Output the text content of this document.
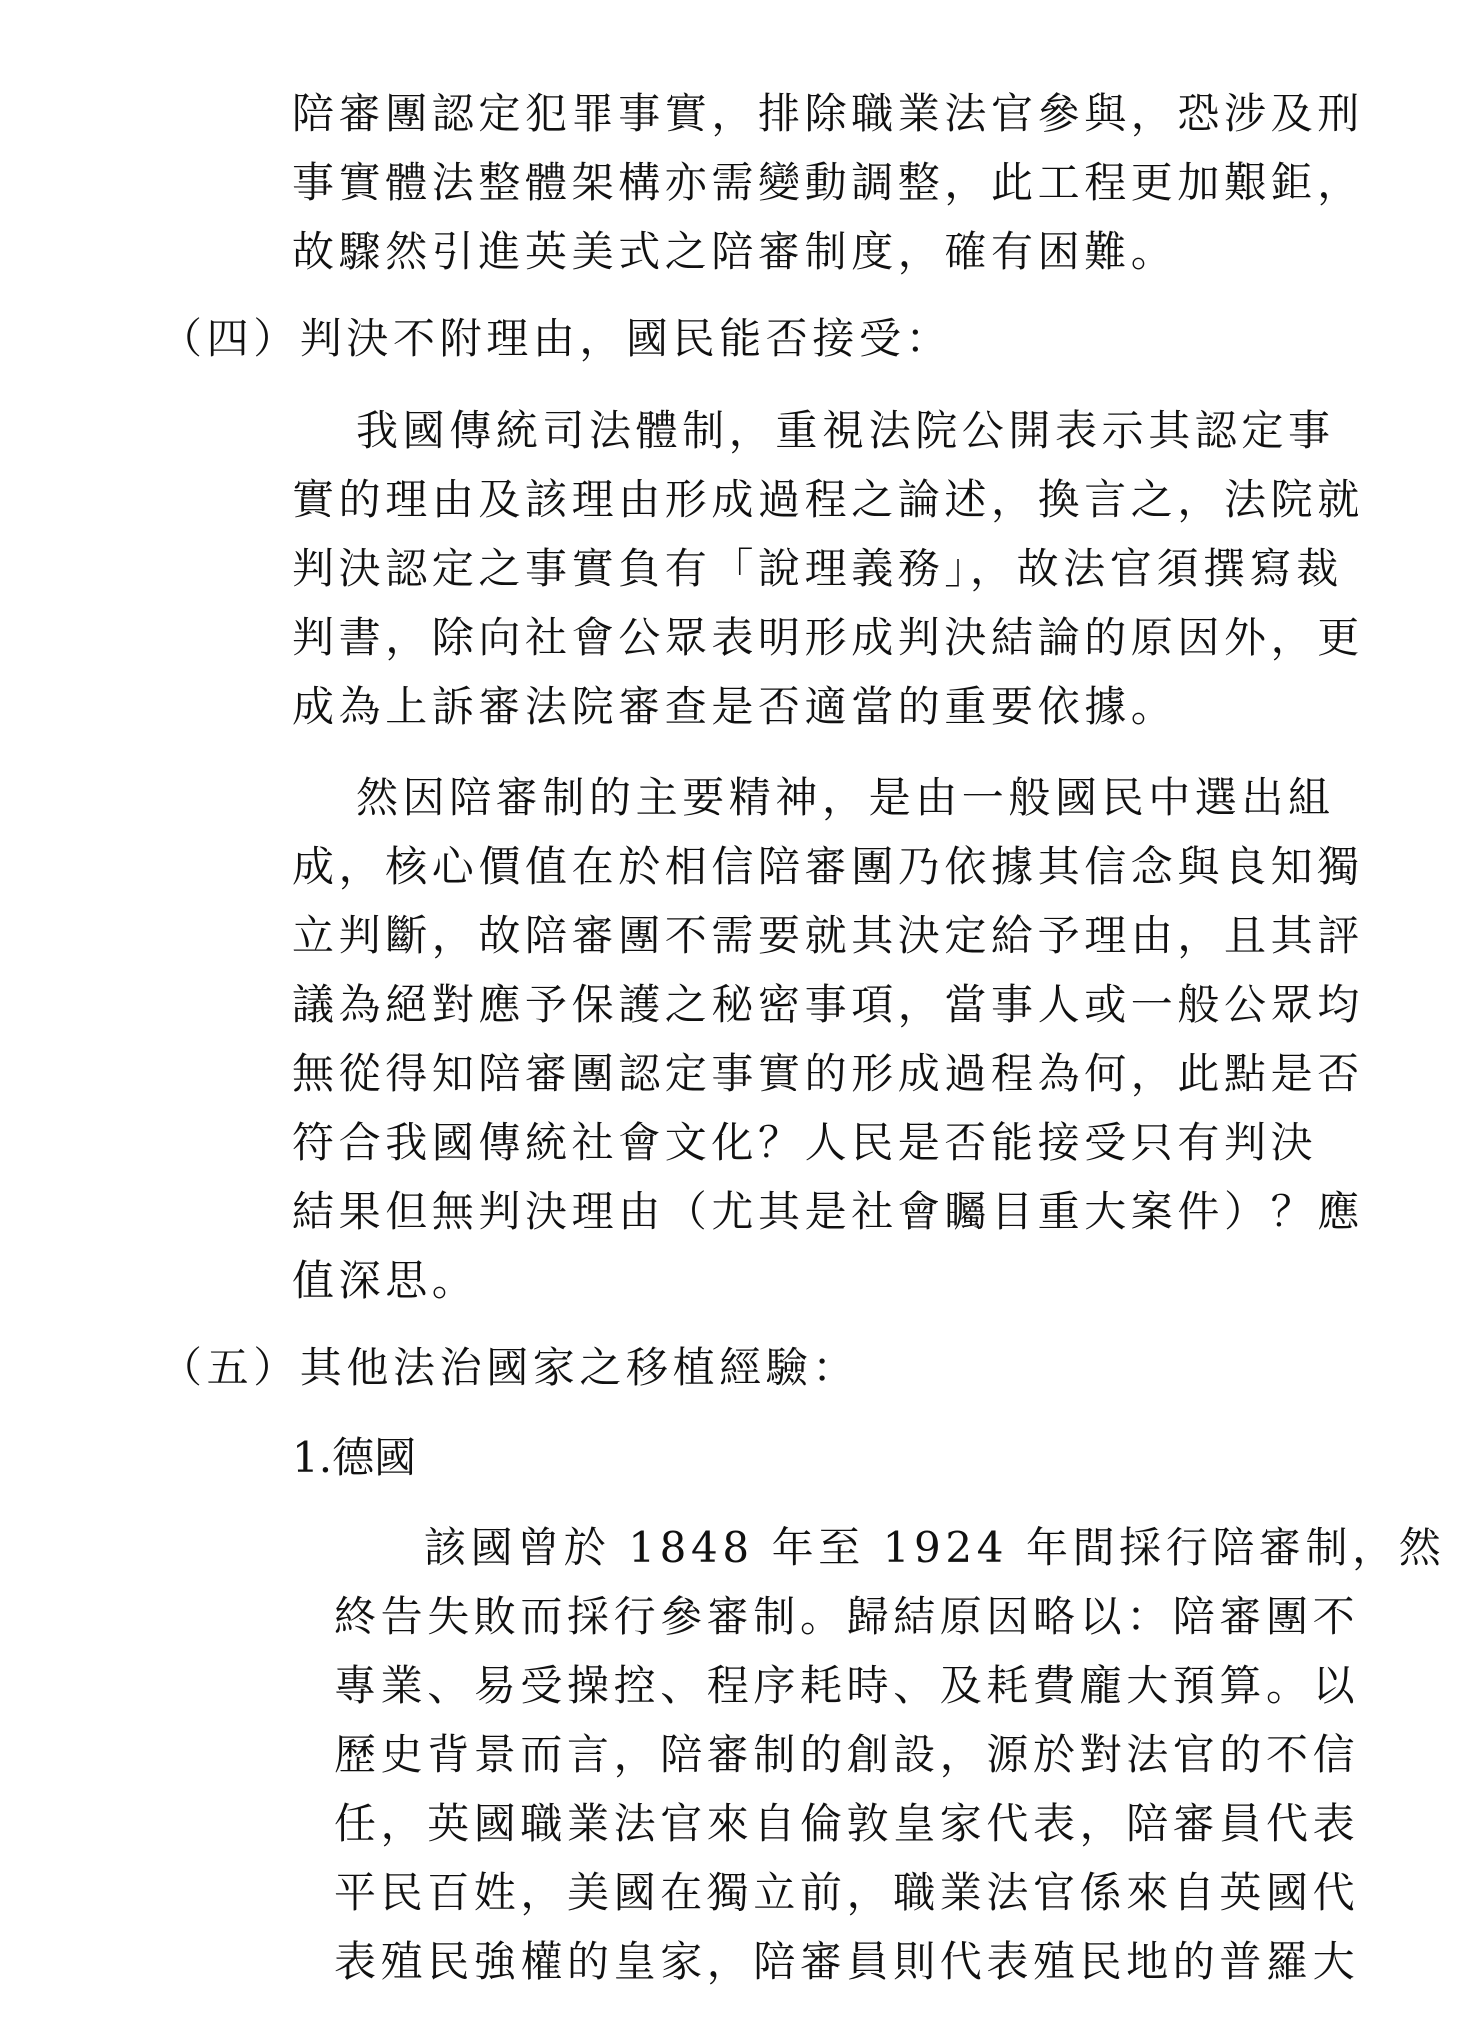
陪審團認定犯罪事實，排除職業法官參與，恐涉及刑
事實體法整體架構亦需變動調整，此工程更加艱鉅，
故驟然引進英美式之陪審制度，確有困難。
（四）判決不附理由，國民能否接受：
我國傳統司法體制，重視法院公開表示其認定事
實的理由及該理由形成過程之論述，換言之，法院就
判決認定之事實負有「說理義務」，故法官須撰寫裁
判書，除向社會公眾表明形成判決結論的原因外，更
成為上訴審法院審查是否適當的重要依據。
然因陪審制的主要精神，是由一般國民中選出組
成，核心價值在於相信陪審團乃依據其信念與良知獨
立判斷，故陪審團不需要就其決定給予理由，且其評
議為絕對應予保護之秘密事項，當事人或一般公眾均
無從得知陪審團認定事實的形成過程為何，此點是否
符合我國傳統社會文化？人民是否能接受只有判決
結果但無判決理由（尤其是社會矚目重大案件）？應
值深思。
（五）其他法治國家之移植經驗：
1.德國
該國曾於 1848 年至 1924 年間採行陪審制，然
終告失敗而採行參審制。歸結原因略以：陪審團不
專業、易受操控、程序耗時、及耗費龐大預算。以
歷史背景而言，陪審制的創設，源於對法官的不信
任，英國職業法官來自倫敦皇家代表，陪審員代表
平民百姓，美國在獨立前，職業法官係來自英國代
表殖民強權的皇家，陪審員則代表殖民地的普羅大
